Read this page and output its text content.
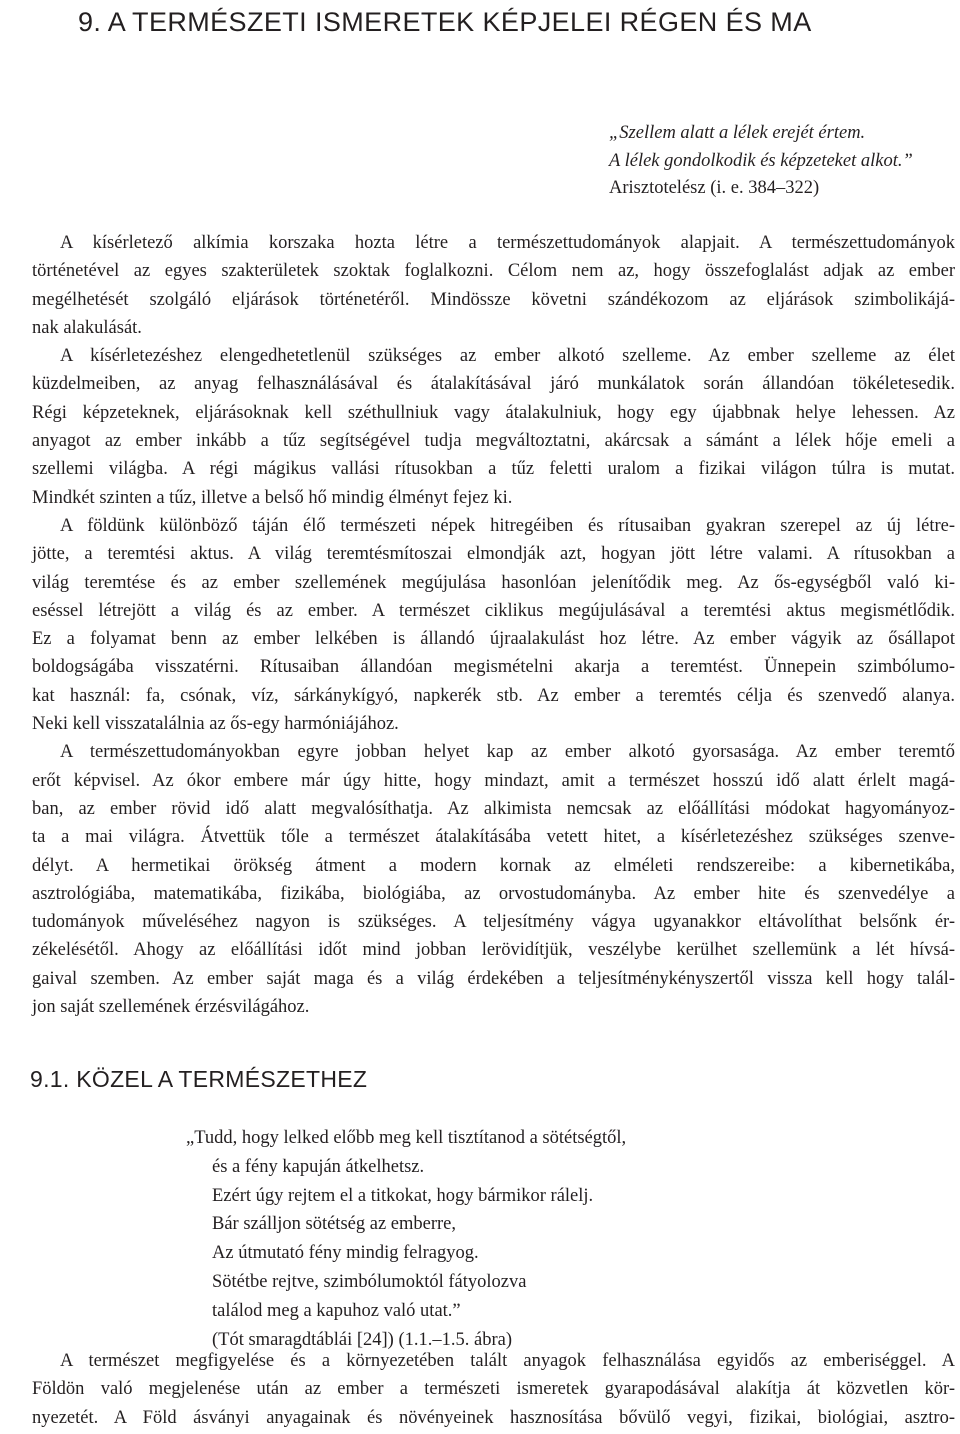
9. A TERMÉSZETI ISMERETEK KÉPJELEI RÉGEN ÉS MA
„Szellem alatt a lélek erejét értem.
A lélek gondolkodik és képzeteket alkot.”
Arisztotelész (i. e. 384–322)

A kísérletező alkímia korszaka hozta létre a természettudományok alapjait. A természettudományok
történetével az egyes szakterületek szoktak foglalkozni. Célom nem az, hogy összefoglalást adjak az ember
megélhetését szolgáló eljárások történetéről. Mindössze követni szándékozom az eljárások szimbolikájá-
nak alakulását.

A kísérletezéshez elengedhetetlenül szükséges az ember alkotó szelleme. Az ember szelleme az élet
küzdelmeiben, az anyag felhasználásával és átalakításával járó munkálatok során állandóan tökéletesedik.
Régi képzeteknek, eljárásoknak kell széthullniuk vagy átalakulniuk, hogy egy újabbnak helye lehessen. Az
anyagot az ember inkább a tűz segítségével tudja megváltoztatni, akárcsak a sámánt a lélek hője emeli a
szellemi világba. A régi mágikus vallási rítusokban a tűz feletti uralom a fizikai világon túlra is mutat.
Mindkét szinten a tűz, illetve a belső hő mindig élményt fejez ki.

A földünk különböző táján élő természeti népek hitregéiben és rítusaiban gyakran szerepel az új létre-
jötte, a teremtési aktus. A világ teremtésmítoszai elmondják azt, hogyan jött létre valami. A rítusokban a
világ teremtése és az ember szellemének megújulása hasonlóan jelenítődik meg. Az ős-egységből való ki-
eséssel létrejött a világ és az ember. A természet ciklikus megújulásával a teremtési aktus megismétlődik.
Ez a folyamat benn az ember lelkében is állandó újraalakulást hoz létre. Az ember vágyik az ősállapot
boldogságába visszatérni. Rítusaiban állandóan megismételni akarja a teremtést. Ünnepein szimbólumo-
kat használ: fa, csónak, víz, sárkánykígyó, napkerék stb. Az ember a teremtés célja és szenvedő alanya.
Neki kell visszatalálnia az ős-egy harmóniájához.

A természettudományokban egyre jobban helyet kap az ember alkotó gyorsasága. Az ember teremtő
erőt képvisel. Az ókor embere már úgy hitte, hogy mindazt, amit a természet hosszú idő alatt érlelt magá-
ban, az ember rövid idő alatt megvalósíthatja. Az alkimista nemcsak az előállítási módokat hagyományoz-
ta a mai világra. Átvettük tőle a természet átalakításába vetett hitet, a kísérletezéshez szükséges szenve-
délyt. A hermetikai örökség átment a modern kornak az elméleti rendszereibe: a kibernetikába,
asztrológiába, matematikába, fizikába, biológiába, az orvostudományba. Az ember hite és szenvedélye a
tudományok műveléséhez nagyon is szükséges. A teljesítmény vágya ugyanakkor eltávolíthat belsőnk ér-
zékelésétől. Ahogy az előállítási időt mind jobban lerövidítjük, veszélybe kerülhet szellemünk a lét hívsá-
gaival szemben. Az ember saját maga és a világ érdekében a teljesítménykényszertől vissza kell hogy talál-
jon saját szellemének érzésvilágához.

9.1. KÖZEL A TERMÉSZETHEZ
„Tudd, hogy lelked előbb meg kell tisztítanod a sötétségtől,
és a fény kapuján átkelhetsz.
Ezért úgy rejtem el a titkokat, hogy bármikor rálelj.
Bár szálljon sötétség az emberre,
Az útmutató fény mindig felragyog.
Sötétbe rejtve, szimbólumoktól fátyolozva
találod meg a kapuhoz való utat.”
(Tót smaragdtáblái [24]) (1.1.–1.5. ábra)

A természet megfigyelése és a környezetében talált anyagok felhasználása egyidős az emberiséggel. A
Földön való megjelenése után az ember a természeti ismeretek gyarapodásával alakítja át közvetlen kör-
nyezetét. A Föld ásványi anyagainak és növényeinek hasznosítása bővülő vegyi, fizikai, biológiai, asztro-
